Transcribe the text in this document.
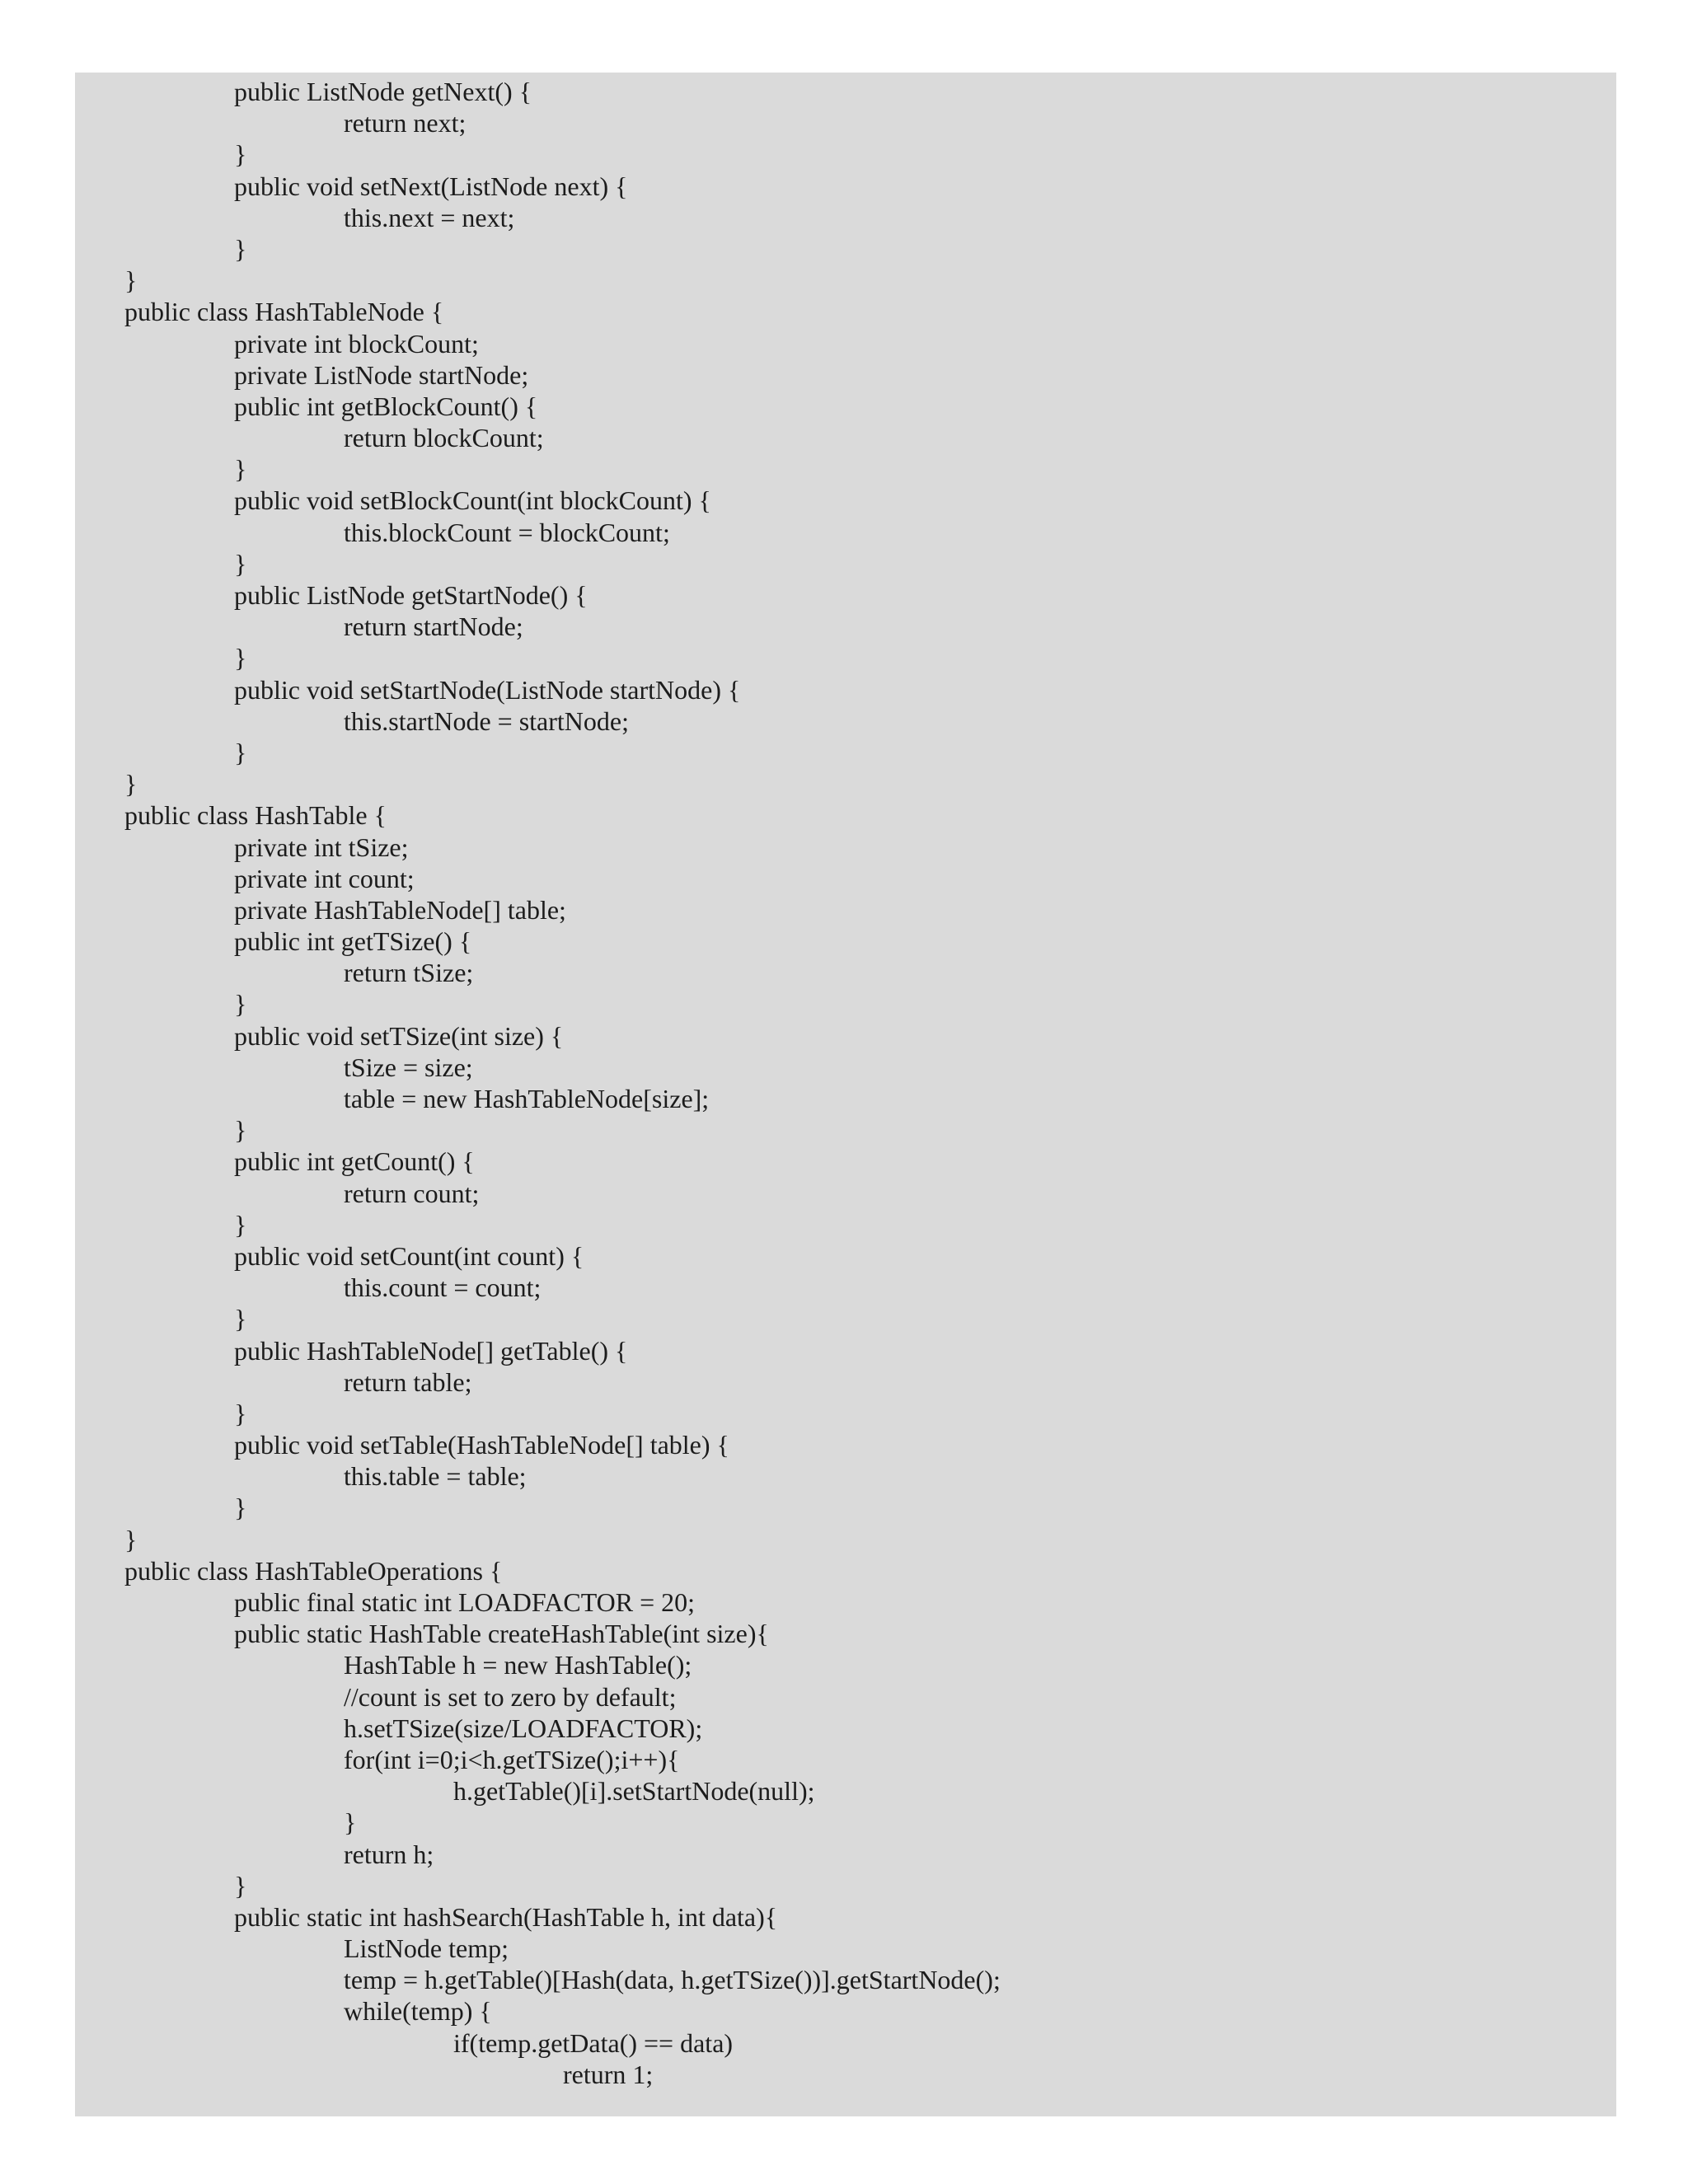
public ListNode getNext() {
return next;
}
public void setNext(ListNode next) {
this.next = next;
}
}
public class HashTableNode {
private int blockCount;
private ListNode startNode;
public int getBlockCount() {
return blockCount;
}
public void setBlockCount(int blockCount) {
this.blockCount = blockCount;
}
public ListNode getStartNode() {
return startNode;
}
public void setStartNode(ListNode startNode) {
this.startNode = startNode;
}
}
public class HashTable {
private int tSize;
private int count;
private HashTableNode[] table;
public int getTSize() {
return tSize;
}
public void setTSize(int size) {
tSize = size;
table = new HashTableNode[size];
}
public int getCount() {
return count;
}
public void setCount(int count) {
this.count = count;
}
public HashTableNode[] getTable() {
return table;
}
public void setTable(HashTableNode[] table) {
this.table = table;
}
}
public class HashTableOperations {
public final static int LOADFACTOR = 20;
public static HashTable createHashTable(int size){
HashTable h = new HashTable();
//count is set to zero by default;
h.setTSize(size/LOADFACTOR);
for(int i=0;i<h.getTSize();i++){
h.getTable()[i].setStartNode(null);
}
return h;
}
public static int hashSearch(HashTable h, int data){
ListNode temp;
temp = h.getTable()[Hash(data, h.getTSize())].getStartNode();
while(temp) {
if(temp.getData() == data)
return 1;
